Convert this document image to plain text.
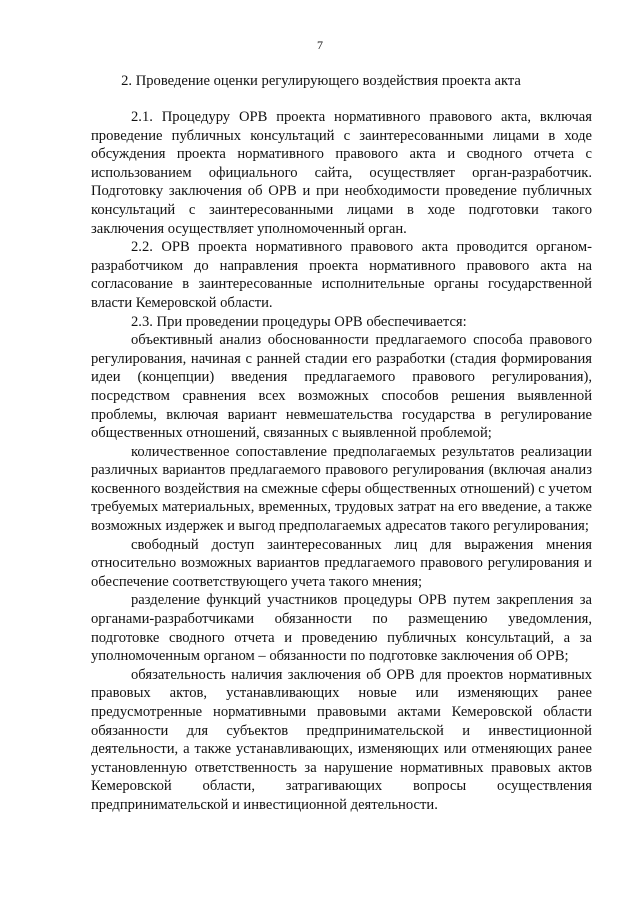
7
2. Проведение оценки регулирующего воздействия проекта акта

2.1. Процедуру ОРВ проекта нормативного правового акта, включая проведение публичных консультаций с заинтересованными лицами в ходе обсуждения проекта нормативного правового акта и сводного отчета с использованием официального сайта, осуществляет орган-разработчик. Подготовку заключения об ОРВ и при необходимости проведение публичных консультаций с заинтересованными лицами в ходе подготовки такого заключения осуществляет уполномоченный орган.

2.2. ОРВ проекта нормативного правового акта проводится органом-разработчиком до направления проекта нормативного правового акта на согласование в заинтересованные исполнительные органы государственной власти Кемеровской области.

2.3. При проведении процедуры ОРВ обеспечивается:

объективный анализ обоснованности предлагаемого способа правового регулирования, начиная с ранней стадии его разработки (стадия формирования идеи (концепции) введения предлагаемого правового регулирования), посредством сравнения всех возможных способов решения выявленной проблемы, включая вариант невмешательства государства в регулирование общественных отношений, связанных с выявленной проблемой;

количественное сопоставление предполагаемых результатов реализации различных вариантов предлагаемого правового регулирования (включая анализ косвенного воздействия на смежные сферы общественных отношений) с учетом требуемых материальных, временных, трудовых затрат на его введение, а также возможных издержек и выгод предполагаемых адресатов такого регулирования;

свободный доступ заинтересованных лиц для выражения мнения относительно возможных вариантов предлагаемого правового регулирования и обеспечение соответствующего учета такого мнения;

разделение функций участников процедуры ОРВ путем закрепления за органами-разработчиками обязанности по размещению уведомления, подготовке сводного отчета и проведению публичных консультаций, а за уполномоченным органом – обязанности по подготовке заключения об ОРВ;

обязательность наличия заключения об ОРВ для проектов нормативных правовых актов, устанавливающих новые или изменяющих ранее предусмотренные нормативными правовыми актами Кемеровской области обязанности для субъектов предпринимательской и инвестиционной деятельности, а также устанавливающих, изменяющих или отменяющих ранее установленную ответственность за нарушение нормативных правовых актов Кемеровской области, затрагивающих вопросы осуществления предпринимательской и инвестиционной деятельности.
